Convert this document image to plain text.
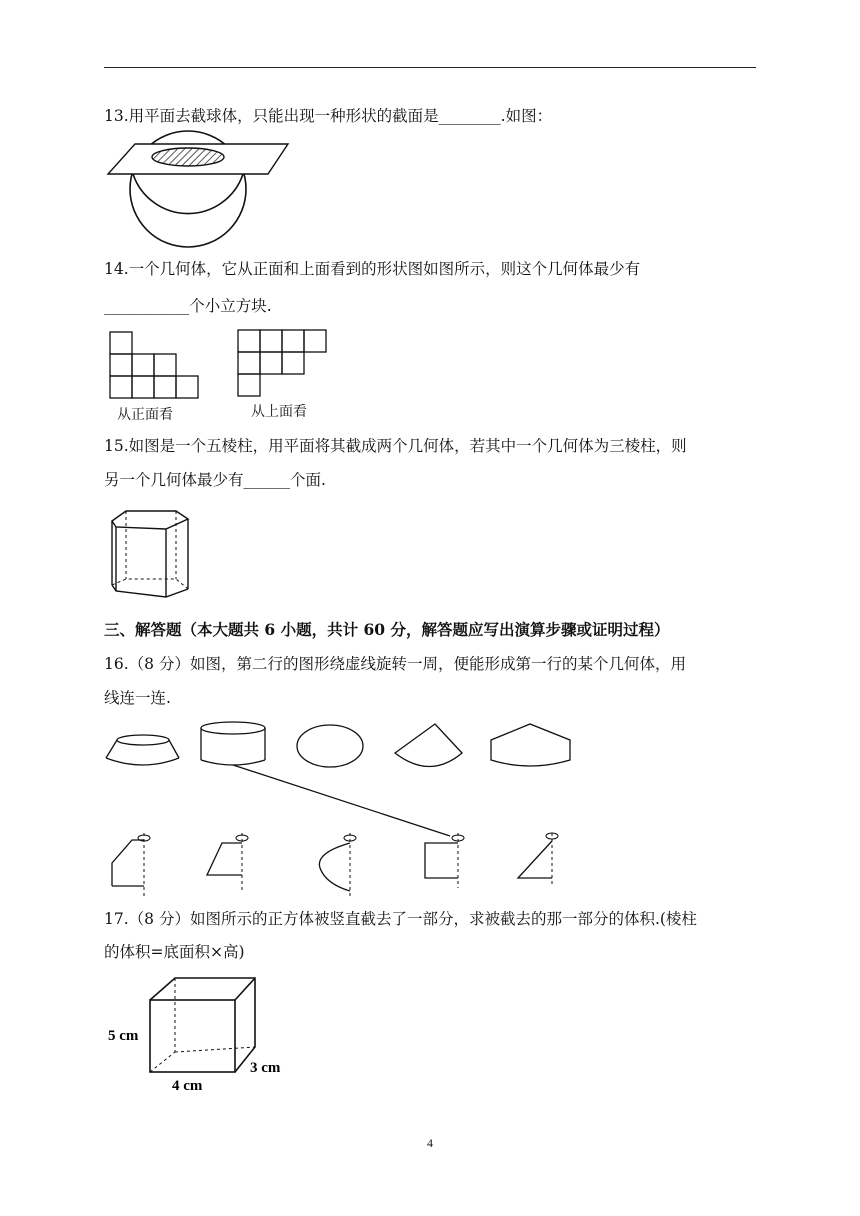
13.用平面去截球体，只能出现一种形状的截面是________.如图：
14.一个几何体，它从正面和上面看到的形状图如图所示，则这个几何体最少有
___________个小立方块.
从正面看	从上面看
15.如图是一个五棱柱，用平面将其截成两个几何体，若其中一个几何体为三棱柱，则
另一个几何体最少有______个面.
三、解答题（本大题共 6 小题，共计 60 分，解答题应写出演算步骤或证明过程）
16.（8 分）如图，第二行的图形绕虚线旋转一周，便能形成第一行的某个几何体，用
线连一连.
17.（8 分）如图所示的正方体被竖直截去了一部分，求被截去的那一部分的体积.(棱柱
的体积=底面积×高)
5 cm
4 cm
3 cm
4
